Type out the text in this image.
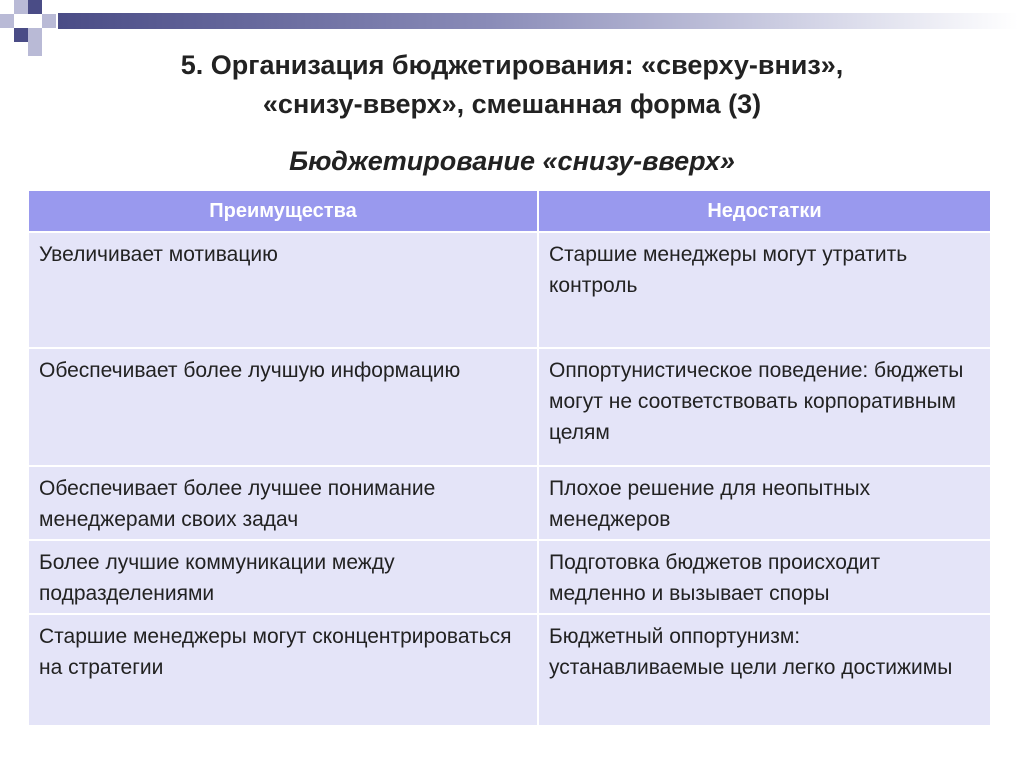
5. Организация бюджетирования: «сверху-вниз»,
«снизу-вверх», смешанная форма (3)
Бюджетирование «снизу-вверх»
Преимущества	Недостатки
Увеличивает мотивацию	Старшие менеджеры могут утратить контроль
Обеспечивает более лучшую информацию	Оппортунистическое поведение: бюджеты могут не соответствовать корпоративным целям
Обеспечивает более лучшее понимание менеджерами своих задач	Плохое решение для неопытных менеджеров
Более лучшие коммуникации между подразделениями	Подготовка бюджетов происходит медленно и вызывает споры
Старшие менеджеры могут сконцентрироваться на стратегии	Бюджетный оппортунизм: устанавливаемые цели легко достижимы
